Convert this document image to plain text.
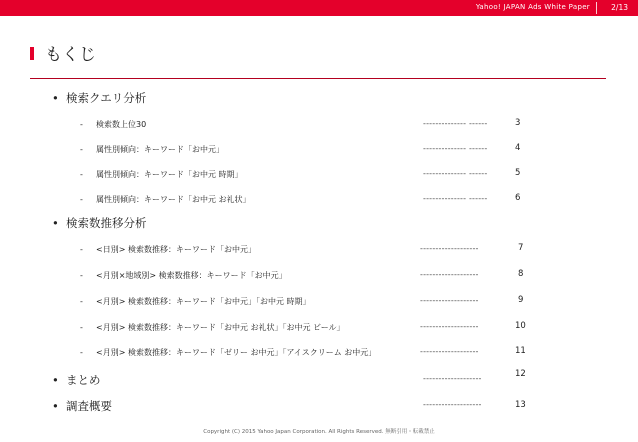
Yahoo! JAPAN Ads White Paper	2/13
もくじ
• 検索クエリ分析
- 検索数上位30	-------------- ------	3
- 属性別傾向：キーワード「お中元」	-------------- ------	4
- 属性別傾向：キーワード「お中元 時期」	-------------- ------	5
- 属性別傾向：キーワード「お中元 お礼状」	-------------- ------	6
• 検索数推移分析
- <日別> 検索数推移：キーワード「お中元」	-------------------	7
- <月別×地域別> 検索数推移：キーワード「お中元」	-------------------	8
- <月別> 検索数推移：キーワード「お中元」「お中元 時期」	-------------------	9
- <月別> 検索数推移：キーワード「お中元 お礼状」「お中元 ビール」	-------------------	10
- <月別> 検索数推移：キーワード「ゼリー お中元」「アイスクリーム お中元」	-------------------	11
• まとめ	-------------------	12
• 調査概要	-------------------	13
Copyright (C) 2015 Yahoo Japan Corporation. All Rights Reserved. 無断引用・転載禁止
